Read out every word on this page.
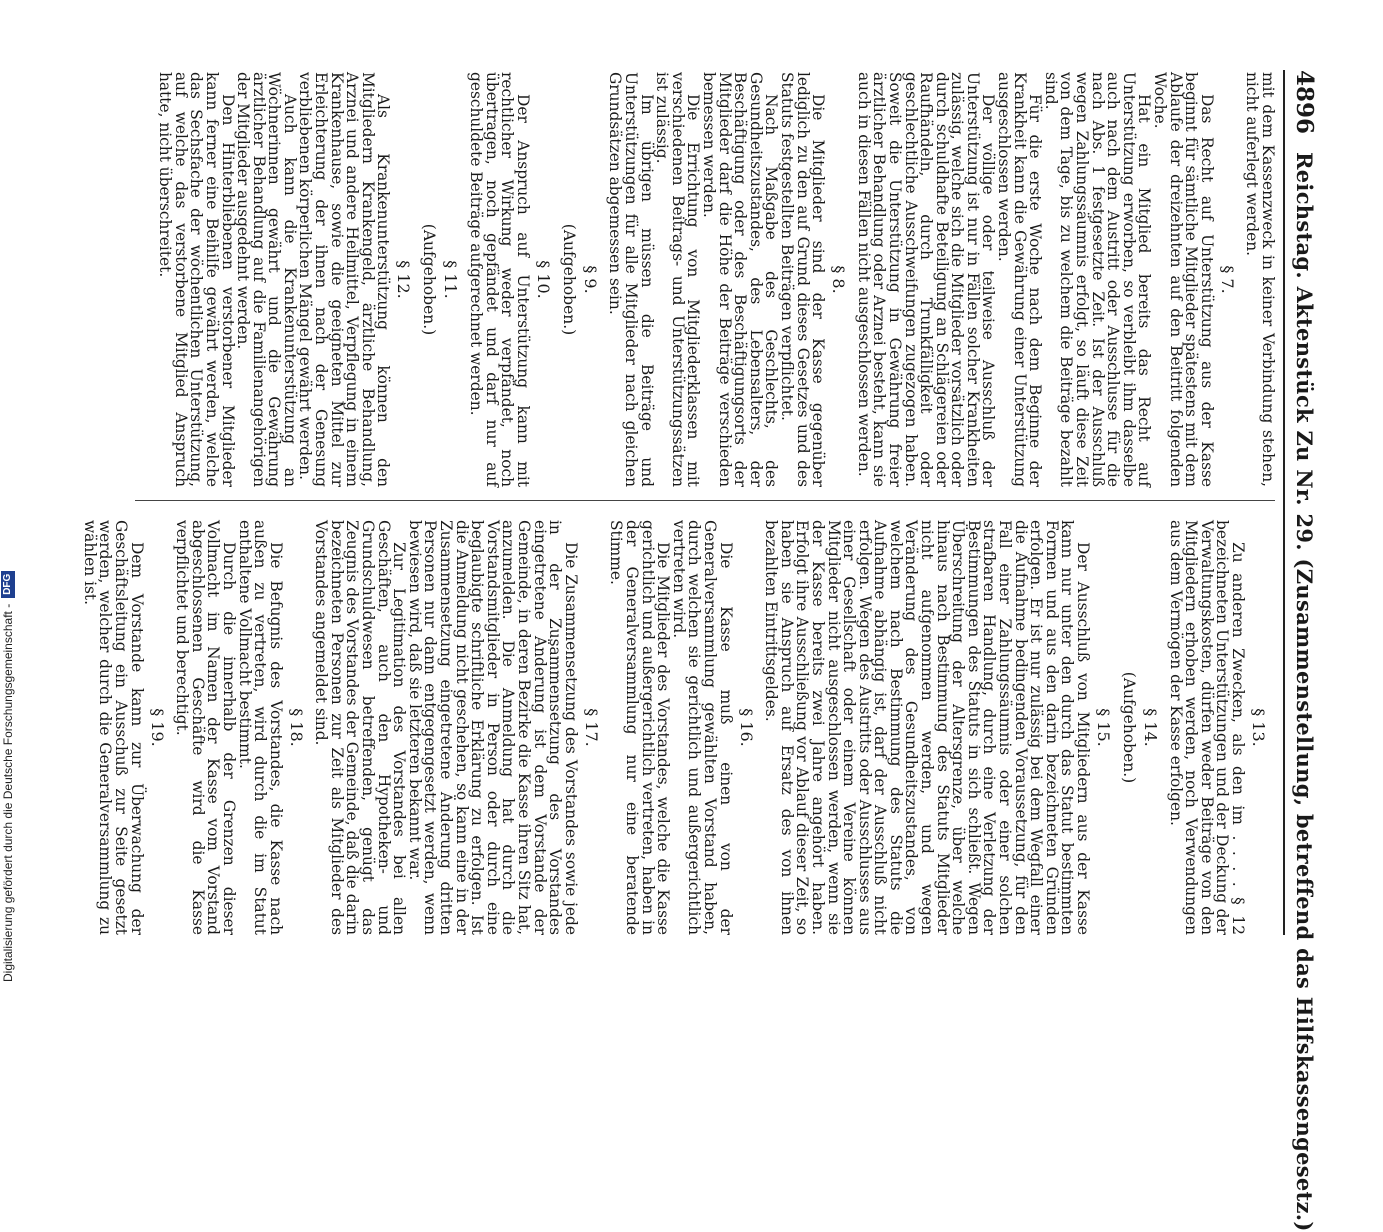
4896
Reichstag. Aktenstück Zu Nr. 29. (Zusammenstellung, betreffend das Hilfskassengesetz.)

mit dem Kassenzweck in keiner Verbindung stehen, nicht auferlegt werden.

§ 7.

Das Recht auf Unterstützung aus der Kasse beginnt für sämtliche Mitglieder spätestens mit dem Ablaufe der dreizehnten auf den Beitritt folgenden Woche.

Hat ein Mitglied bereits das Recht auf Unterstützung erworben, so verbleibt ihm dasselbe auch nach dem Austritt oder Ausschlusse für die nach Abs. 1 festgesetzte Zeit. Ist der Ausschluß wegen Zahlungssäumnis erfolgt, so läuft diese Zeit von dem Tage, bis zu welchem die Beiträge bezahlt sind.

Für die erste Woche nach dem Beginne der Krankheit kann die Gewährung einer Unterstützung ausgeschlossen werden.

Der völlige oder teilweise Ausschluß der Unterstützung ist nur in Fällen solcher Krankheiten zulässig, welche sich die Mitglieder vorsätzlich oder durch schuldhafte Beteiligung an Schlägereien oder Raufhändeln, durch Trunkfälligkeit oder geschlechtliche Ausschweifungen zugezogen haben. Soweit die Unterstützung in Gewährung freier ärztlicher Behandlung oder Arznei besteht, kann sie auch in diesen Fällen nicht ausgeschlossen werden.

§ 8.

Die Mitglieder sind der Kasse gegenüber lediglich zu den auf Grund dieses Gesetzes und des Statuts festgestellten Beiträgen verpflichtet.

Nach Maßgabe des Geschlechts, des Gesundheitszustandes, des Lebensalters, der Beschäftigung oder des Beschäftigungsorts der Mitglieder darf die Höhe der Beiträge verschieden bemessen werden.

Die Errichtung von Mitgliederklassen mit verschiedenen Beitrags- und Unterstützungssätzen ist zulässig.

Im übrigen müssen die Beiträge und Unterstützungen für alle Mitglieder nach gleichen Grundsätzen abgemessen sein.

§ 9.
(Aufgehoben.)
§ 10.

Der Anspruch auf Unterstützung kann mit rechtlicher Wirkung weder verpfändet, noch übertragen, noch gepfändet und darf nur auf geschuldete Beiträge aufgerechnet werden.

§ 11.
(Aufgehoben.)
§ 12.

Als Krankenunterstützung können den Mitgliedern Krankengeld, ärztliche Behandlung, Arznei und andere Heilmittel, Verpflegung in einem Krankenhause, sowie die geeigneten Mittel zur Erleichterung der ihnen nach der Genesung verbliebenen körperlichen Mängel gewährt werden.

Auch kann die Krankenunterstützung an Wöchnerinnen gewährt und die Gewährung ärztlicher Behandlung auf die Familienangehörigen der Mitglieder ausgedehnt werden.

Den Hinterbliebenen verstorbener Mitglieder kann ferner eine Beihilfe gewährt werden, welche das Sechsfache der wöchentlichen Unterstützung, auf welche das verstorbene Mitglied Anspruch hatte, nicht überschreitet.

§ 13.

Zu anderen Zwecken, als den im . . . . § 12 bezeichneten Unterstützungen und der Deckung der Verwaltungskosten, dürfen weder Beiträge von den Mitgliedern erhoben werden, noch Verwendungen aus dem Vermögen der Kasse erfolgen.

§ 14.
(Aufgehoben.)
§ 15.

Der Ausschluß von Mitgliedern aus der Kasse kann nur unter den durch das Statut bestimmten Formen und aus den darin bezeichneten Gründen erfolgen. Er ist nur zulässig bei dem Wegfall einer die Aufnahme bedingenden Voraussetzung, für den Fall einer Zahlungssäumnis oder einer solchen strafbaren Handlung, durch eine Verletzung der Bestimmungen des Statuts in sich schließt. Wegen Überschreitung der Altersgrenze, über welche hinaus nach Bestimmung des Statuts Mitglieder nicht aufgenommen werden, und wegen Veränderung des Gesundheitszustandes, von welchem nach Bestimmung des Statuts die Aufnahme abhängig ist, darf der Ausschluß nicht erfolgen. Wegen des Austritts oder Ausschlusses aus einer Gesellschaft oder einem Vereine können Mitglieder nicht ausgeschlossen werden, wenn sie der Kasse bereits zwei Jahre angehört haben. Erfolgt ihre Ausschließung vor Ablauf dieser Zeit, so haben sie Anspruch auf Ersatz des von ihnen bezahlten Eintrittsgeldes.

§ 16.

Die Kasse muß einen von der Generalversammlung gewählten Vorstand haben, durch welchen sie gerichtlich und außergerichtlich vertreten wird.

Die Mitglieder des Vorstandes, welche die Kasse gerichtlich und außergerichtlich vertreten, haben in der Generalversammlung nur eine beratende Stimme.

§ 17.

Die Zusammensetzung des Vorstandes sowie jede in der Zusammensetzung des Vorstandes eingetretene Änderung ist dem Vorstande der Gemeinde, in deren Bezirke die Kasse ihren Sitz hat, anzumelden. Die Anmeldung hat durch die Vorstandsmitglieder in Person oder durch eine beglaubigte schriftliche Erklärung zu erfolgen. Ist die Anmeldung nicht geschehen, so kann eine in der Zusammensetzung eingetretene Änderung dritten Personen nur dann entgegengesetzt werden, wenn bewiesen wird, daß sie letzteren bekannt war.

Zur Legitimation des Vorstandes bei allen Geschäften, auch den Hypotheken- und Grundschuldwesen betreffenden, genügt das Zeugnis des Vorstandes der Gemeinde, daß die darin bezeichneten Personen zur Zeit als Mitglieder des Vorstandes angemeldet sind.

§ 18.

Die Befugnis des Vorstandes, die Kasse nach außen zu vertreten, wird durch die im Statut enthaltene Vollmacht bestimmt.

Durch die innerhalb der Grenzen dieser Vollmacht im Namen der Kasse vom Vorstand abgeschlossenen Geschäfte wird die Kasse verpflichtet und berechtigt.

§ 19.

Dem Vorstande kann zur Überwachung der Geschäftsleitung ein Ausschuß zur Seite gesetzt werden, welcher durch die Generalversammlung zu wählen ist.

Digitalisierung gefördert durch die Deutsche Forschungsgemeinschaft -
DFG
